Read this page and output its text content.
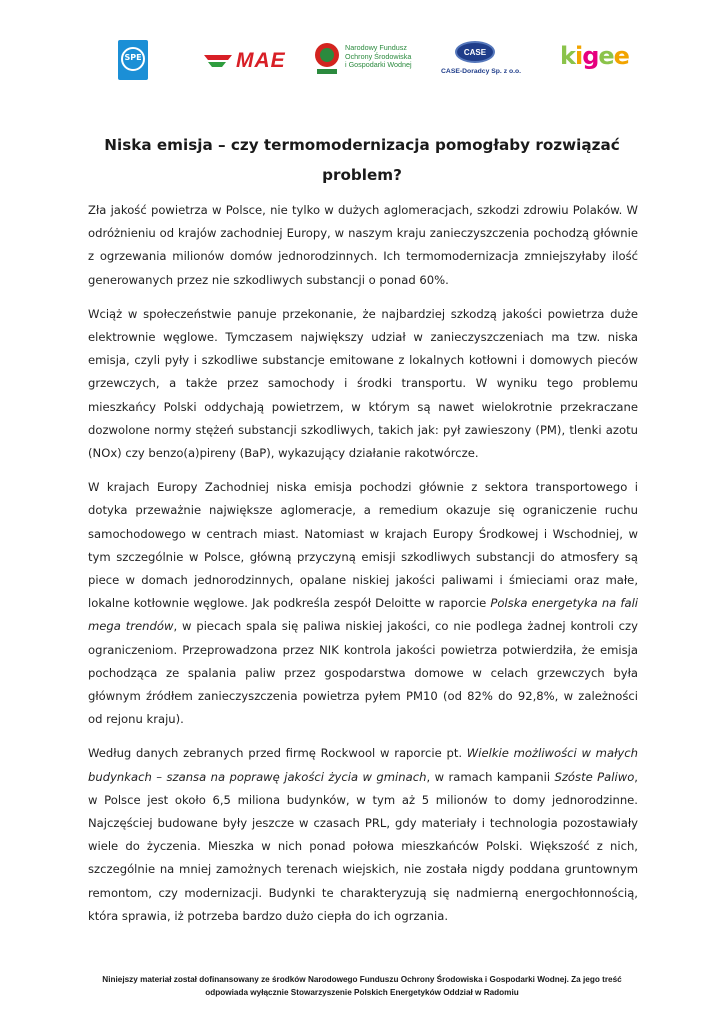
SPE	MAE
Narodowy Fundusz
Ochrony Środowiska
i Gospodarki Wodnej
CASE
CASE-Doradcy Sp. z o.o.
kigee
Niska emisja – czy termomodernizacja pomogłaby rozwiązać
problem?

Zła jakość powietrza w Polsce, nie tylko w dużych aglomeracjach, szkodzi zdrowiu Polaków. W odróżnieniu od krajów zachodniej Europy, w naszym kraju zanieczyszczenia pochodzą głównie z ogrzewania milionów domów jednorodzinnych. Ich termomodernizacja zmniejszyłaby ilość generowanych przez nie szkodliwych substancji o ponad 60%.

Wciąż w społeczeństwie panuje przekonanie, że najbardziej szkodzą jakości powietrza duże elektrownie węglowe. Tymczasem największy udział w zanieczyszczeniach ma tzw. niska emisja, czyli pyły i szkodliwe substancje emitowane z lokalnych kotłowni i domowych pieców grzewczych, a także przez samochody i środki transportu. W wyniku tego problemu mieszkańcy Polski oddychają powietrzem, w którym są nawet wielokrotnie przekraczane dozwolone normy stężeń substancji szkodliwych, takich jak: pył zawieszony (PM), tlenki azotu (NOx) czy benzo(a)pireny (BaP), wykazujący działanie rakotwórcze.

W krajach Europy Zachodniej niska emisja pochodzi głównie z sektora transportowego i dotyka przeważnie największe aglomeracje, a remedium okazuje się ograniczenie ruchu samochodowego w centrach miast. Natomiast w krajach Europy Środkowej i Wschodniej, w tym szczególnie w Polsce, główną przyczyną emisji szkodliwych substancji do atmosfery są piece w domach jednorodzinnych, opalane niskiej jakości paliwami i śmieciami oraz małe, lokalne kotłownie węglowe. Jak podkreśla zespół Deloitte w raporcie Polska energetyka na fali mega trendów, w piecach spala się paliwa niskiej jakości, co nie podlega żadnej kontroli czy ograniczeniom. Przeprowadzona przez NIK kontrola jakości powietrza potwierdziła, że emisja pochodząca ze spalania paliw przez gospodarstwa domowe w celach grzewczych była głównym źródłem zanieczyszczenia powietrza pyłem PM10 (od 82% do 92,8%, w zależności od rejonu kraju).

Według danych zebranych przed firmę Rockwool w raporcie pt. Wielkie możliwości w małych budynkach – szansa na poprawę jakości życia w gminach, w ramach kampanii Szóste Paliwo, w Polsce jest około 6,5 miliona budynków, w tym aż 5 milionów to domy jednorodzinne. Najczęściej budowane były jeszcze w czasach PRL, gdy materiały i technologia pozostawiały wiele do życzenia. Mieszka w nich ponad połowa mieszkańców Polski. Większość z nich, szczególnie na mniej zamożnych terenach wiejskich, nie została nigdy poddana gruntownym remontom, czy modernizacji. Budynki te charakteryzują się nadmierną energochłonnością, która sprawia, iż potrzeba bardzo dużo ciepła do ich ogrzania.

Niniejszy materiał został dofinansowany ze środków Narodowego Funduszu Ochrony Środowiska i Gospodarki Wodnej. Za jego treść
odpowiada wyłącznie Stowarzyszenie Polskich Energetyków Oddział w Radomiu
